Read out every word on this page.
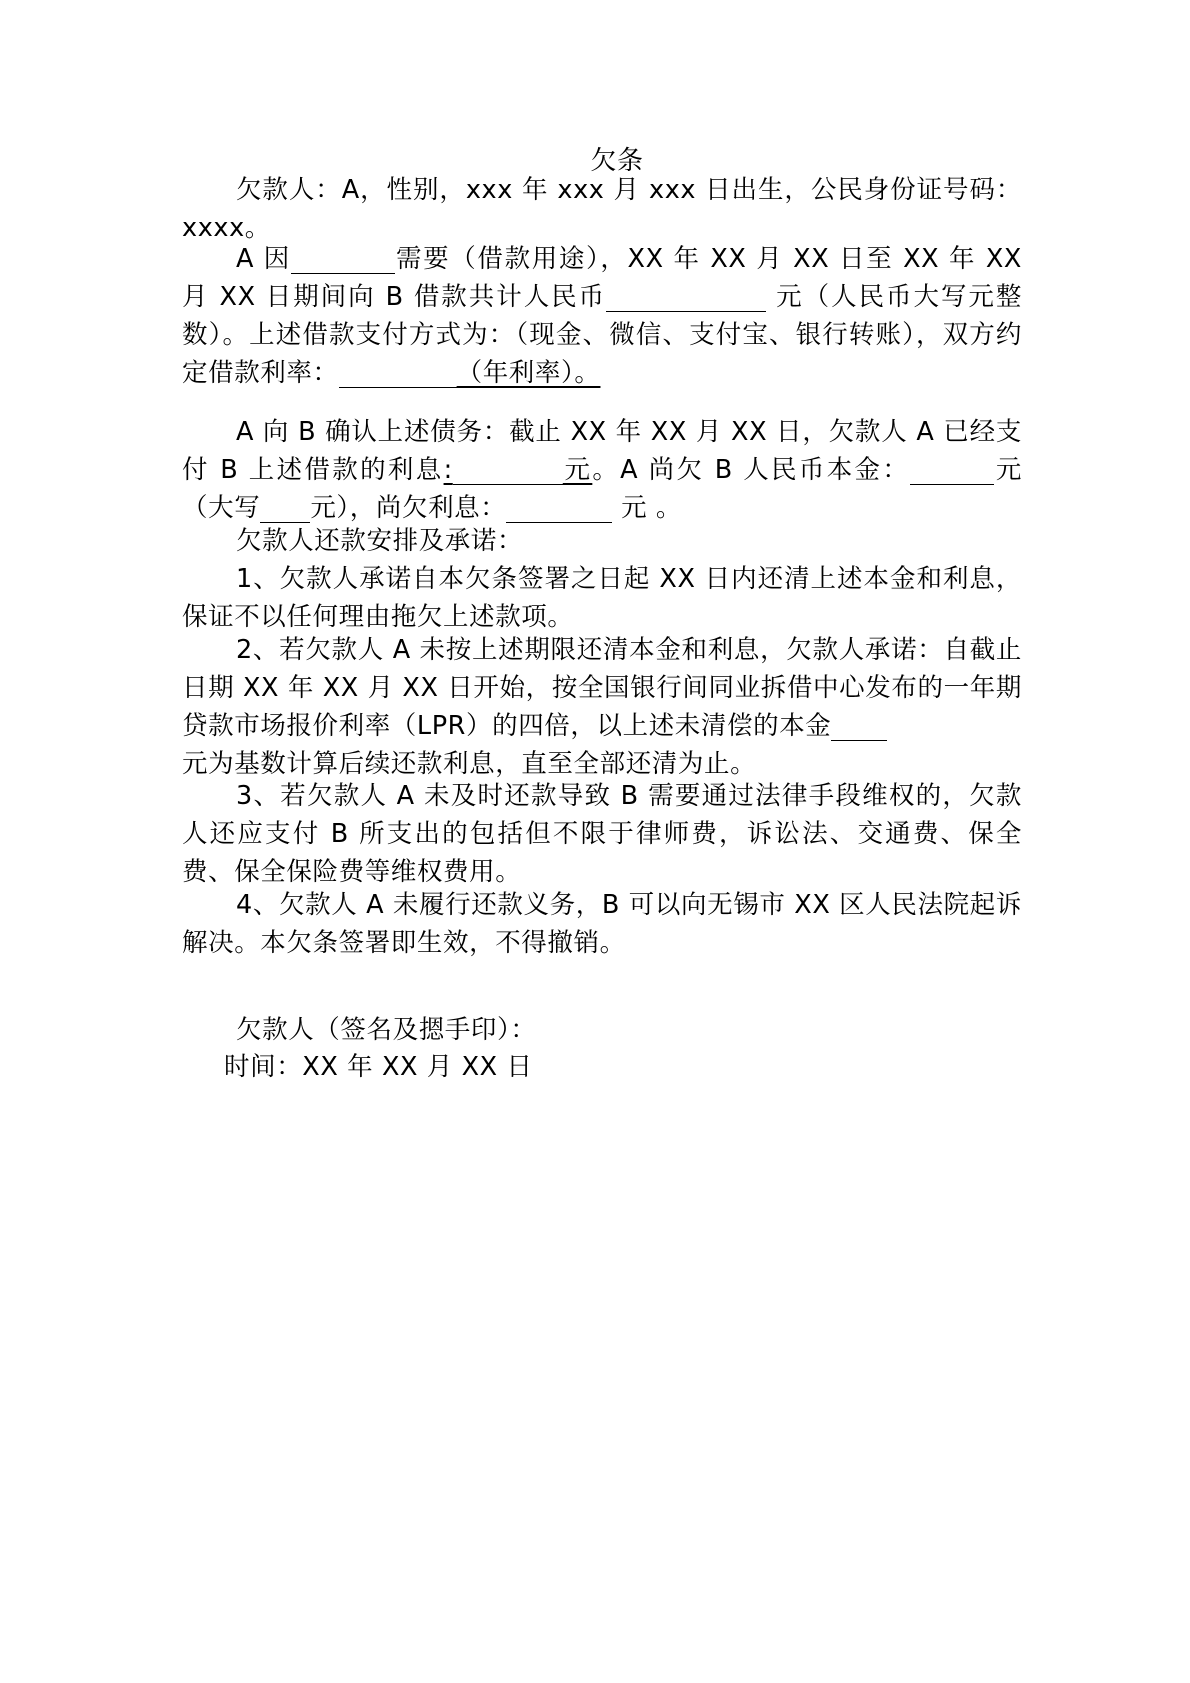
欠条

欠款人：A，性别，xxx 年 xxx 月 xxx 日出生，公民身份证号码：xxxx。

A 因	需要（借款用途），XX 年 XX 月 XX 日至 XX 年 XX 月 XX 日期间向 B 借款共计人民币	元（人民币大写元整数）。上述借款支付方式为：（现金、微信、支付宝、银行转账），双方约定借款利率：	（年利率）。

A 向 B 确认上述债务：截止 XX 年 XX 月 XX 日，欠款人 A 已经支付 B 上述借款的利息:	元。A 尚欠 B 人民币本金：	元（大写 元），尚欠利息：	元 。

欠款人还款安排及承诺：

1、欠款人承诺自本欠条签署之日起 XX 日内还清上述本金和利息，保证不以任何理由拖欠上述款项。

2、若欠款人 A 未按上述期限还清本金和利息，欠款人承诺：自截止日期 XX 年 XX 月 XX 日开始，按全国银行间同业拆借中心发布的一年期贷款市场报价利率（LPR）的四倍，以上述未清偿的本金
元为基数计算后续还款利息，直至全部还清为止。

3、若欠款人 A 未及时还款导致 B 需要通过法律手段维权的，欠款人还应支付 B 所支出的包括但不限于律师费，诉讼法、交通费、保全费、保全保险费等维权费用。

4、欠款人 A 未履行还款义务，B 可以向无锡市 XX 区人民法院起诉解决。本欠条签署即生效，不得撤销。

欠款人（签名及摁手印）：
时间：XX 年 XX 月 XX 日
